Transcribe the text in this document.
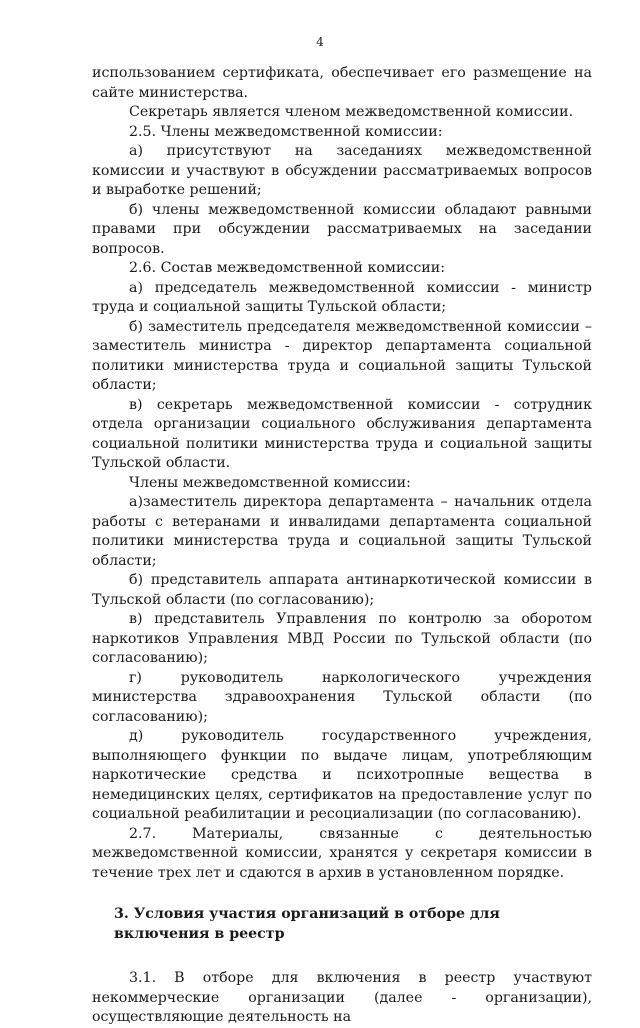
4

использованием сертификата, обеспечивает его размещение на сайте министерства.

Секретарь является членом межведомственной комиссии.

2.5. Члены межведомственной комиссии:

а) присутствуют на заседаниях межведомственной комиссии и участвуют в обсуждении рассматриваемых вопросов и выработке решений;

б) члены межведомственной комиссии обладают равными правами при обсуждении рассматриваемых на заседании вопросов.

2.6. Состав межведомственной комиссии:

а) председатель межведомственной комиссии - министр труда и социальной защиты Тульской области;

б) заместитель председателя межведомственной комиссии – заместитель министра - директор департамента социальной политики министерства труда и социальной защиты Тульской области;

в) секретарь межведомственной комиссии - сотрудник отдела организации социального обслуживания департамента социальной политики министерства труда и социальной защиты Тульской области.

Члены межведомственной комиссии:

а)заместитель директора департамента – начальник отдела работы с ветеранами и инвалидами департамента социальной политики министерства труда и социальной защиты Тульской области;

б) представитель аппарата антинаркотической комиссии в Тульской области (по согласованию);

в) представитель Управления по контролю за оборотом наркотиков Управления МВД России по Тульской области (по согласованию);

г) руководитель наркологического учреждения министерства здравоохранения Тульской области (по согласованию);

д) руководитель государственного учреждения, выполняющего функции по выдаче лицам, употребляющим наркотические средства и психотропные вещества в немедицинских целях, сертификатов на предоставление услуг по социальной реабилитации и ресоциализации (по согласованию).

2.7. Материалы, связанные с деятельностью межведомственной комиссии, хранятся у секретаря комиссии в течение трех лет и сдаются в архив в установленном порядке.

3. Условия участия организаций в отборе для включения в реестр

3.1. В отборе для включения в реестр участвуют некоммерческие организации (далее - организации), осуществляющие деятельность на
